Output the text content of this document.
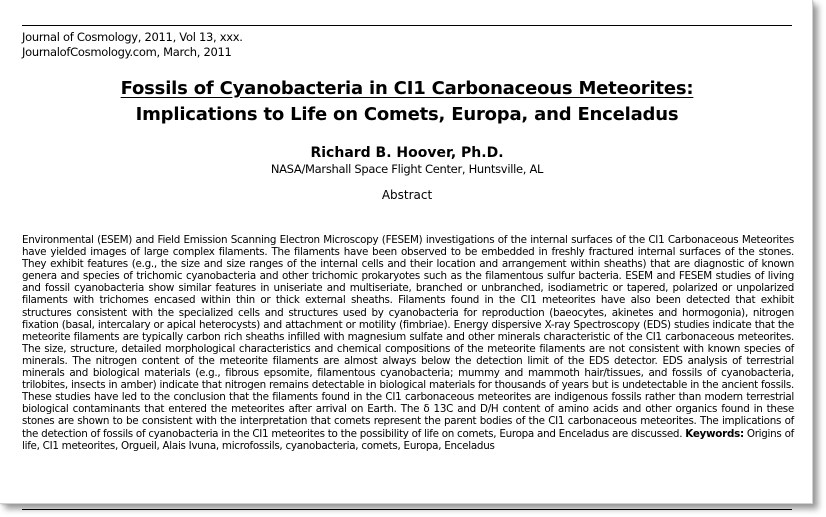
Journal of Cosmology, 2011, Vol 13, xxx.
JournalofCosmology.com, March, 2011
Fossils of Cyanobacteria in CI1 Carbonaceous Meteorites:
Implications to Life on Comets, Europa, and Enceladus
Richard B. Hoover, Ph.D.
NASA/Marshall Space Flight Center, Huntsville, AL
Abstract
Environmental (ESEM) and Field Emission Scanning Electron Microscopy (FESEM) investigations of the internal surfaces of the CI1 Carbonaceous Meteorites have yielded images of large complex filaments. The filaments have been observed to be embedded in freshly fractured internal surfaces of the stones. They exhibit features (e.g., the size and size ranges of the internal cells and their location and arrangement within sheaths) that are diagnostic of known genera and species of trichomic cyanobacteria and other trichomic prokaryotes such as the filamentous sulfur bacteria. ESEM and FESEM studies of living and fossil cyanobacteria show similar features in uniseriate and multiseriate, branched or unbranched, isodiametric or tapered, polarized or unpolarized filaments with trichomes encased within thin or thick external sheaths. Filaments found in the CI1 meteorites have also been detected that exhibit structures consistent with the specialized cells and structures used by cyanobacteria for reproduction (baeocytes, akinetes and hormogonia), nitrogen fixation (basal, intercalary or apical heterocysts) and attachment or motility (fimbriae). Energy dispersive X-ray Spectroscopy (EDS) studies indicate that the meteorite filaments are typically carbon rich sheaths infilled with magnesium sulfate and other minerals characteristic of the CI1 carbonaceous meteorites. The size, structure, detailed morphological characteristics and chemical compositions of the meteorite filaments are not consistent with known species of minerals. The nitrogen content of the meteorite filaments are almost always below the detection limit of the EDS detector. EDS analysis of terrestrial minerals and biological materials (e.g., fibrous epsomite, filamentous cyanobacteria; mummy and mammoth hair/tissues, and fossils of cyanobacteria, trilobites, insects in amber) indicate that nitrogen remains detectable in biological materials for thousands of years but is undetectable in the ancient fossils. These studies have led to the conclusion that the filaments found in the CI1 carbonaceous meteorites are indigenous fossils rather than modern terrestrial biological contaminants that entered the meteorites after arrival on Earth. The δ 13C and D/H content of amino acids and other organics found in these stones are shown to be consistent with the interpretation that comets represent the parent bodies of the CI1 carbonaceous meteorites. The implications of the detection of fossils of cyanobacteria in the CI1 meteorites to the possibility of life on comets, Europa and Enceladus are discussed. Keywords: Origins of life, CI1 meteorites, Orgueil, Alais Ivuna, microfossils, cyanobacteria, comets, Europa, Enceladus
